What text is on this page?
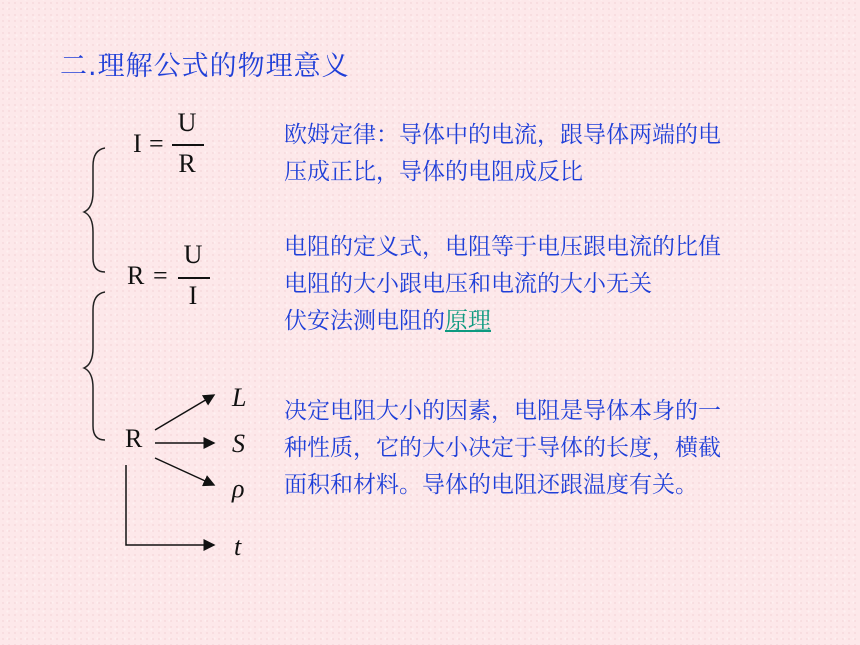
二.理解公式的物理意义
I =
U
R
R =
U
I
R
L
S
ρ
t
欧姆定律：导体中的电流，跟导体两端的电
压成正比，导体的电阻成反比
电阻的定义式，电阻等于电压跟电流的比值
电阻的大小跟电压和电流的大小无关
伏安法测电阻的原理
决定电阻大小的因素，电阻是导体本身的一
种性质，它的大小决定于导体的长度，横截
面积和材料。导体的电阻还跟温度有关。
